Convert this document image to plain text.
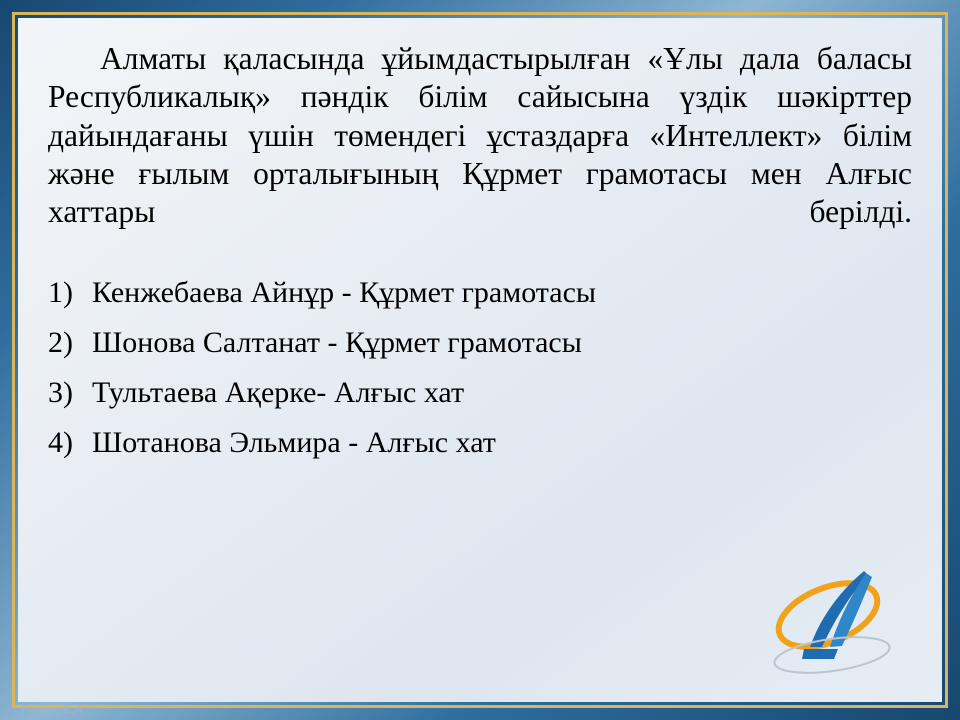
Алматы қаласында ұйымдастырылған «Ұлы дала баласы Республикалық» пәндік білім сайысына үздік шәкірттер дайындағаны үшін төмендегі ұстаздарға «Интеллект» білім және ғылым орталығының Құрмет грамотасы мен Алғыс хаттары берілді.

1) Кенжебаева Айнұр - Құрмет грамотасы
2) Шонова Салтанат - Құрмет грамотасы
3) Тультаева Ақерке- Алғыс хат
4) Шотанова Эльмира - Алғыс хат
Ранько Е.А.
